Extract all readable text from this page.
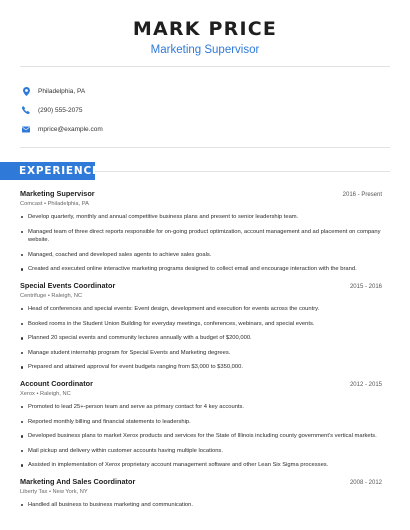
MARK PRICE
Marketing Supervisor
Philadelphia, PA
(290) 555-2075
mprice@example.com
EXPERIENCE
Marketing Supervisor	2016 - Present
Comcast • Philadelphia, PA
Develop quarterly, monthly and annual competitive business plans and present to senior leadership team.
Managed team of three direct reports responsible for on-going product optimization, account management and ad placement on company website.
Managed, coached and developed sales agents to achieve sales goals.
Created and executed online interactive marketing programs designed to collect email and encourage interaction with the brand.
Special Events Coordinator	2015 - 2016
Centrifuge • Raleigh, NC
Head of conferences and special events: Event design, development and execution for events across the country.
Booked rooms in the Student Union Building for everyday meetings, conferences, webinars, and special events.
Planned 20 special events and community lectures annually with a budget of $200,000.
Manage student internship program for Special Events and Marketing degrees.
Prepared and attained approval for event budgets ranging from $3,000 to $350,000.
Account Coordinator	2012 - 2015
Xerox • Raleigh, NC
Promoted to lead 25+-person team and serve as primary contact for 4 key accounts.
Reported monthly billing and financial statements to leadership.
Developed business plans to market Xerox products and services for the State of Illinois including county government's vertical markets.
Mail pickup and delivery within customer accounts having multiple locations.
Assisted in implementation of Xerox proprietary account management software and other Lean Six Sigma processes.
Marketing And Sales Coordinator	2008 - 2012
Liberty Tax • New York, NY
Handled all business to business marketing and communication.
